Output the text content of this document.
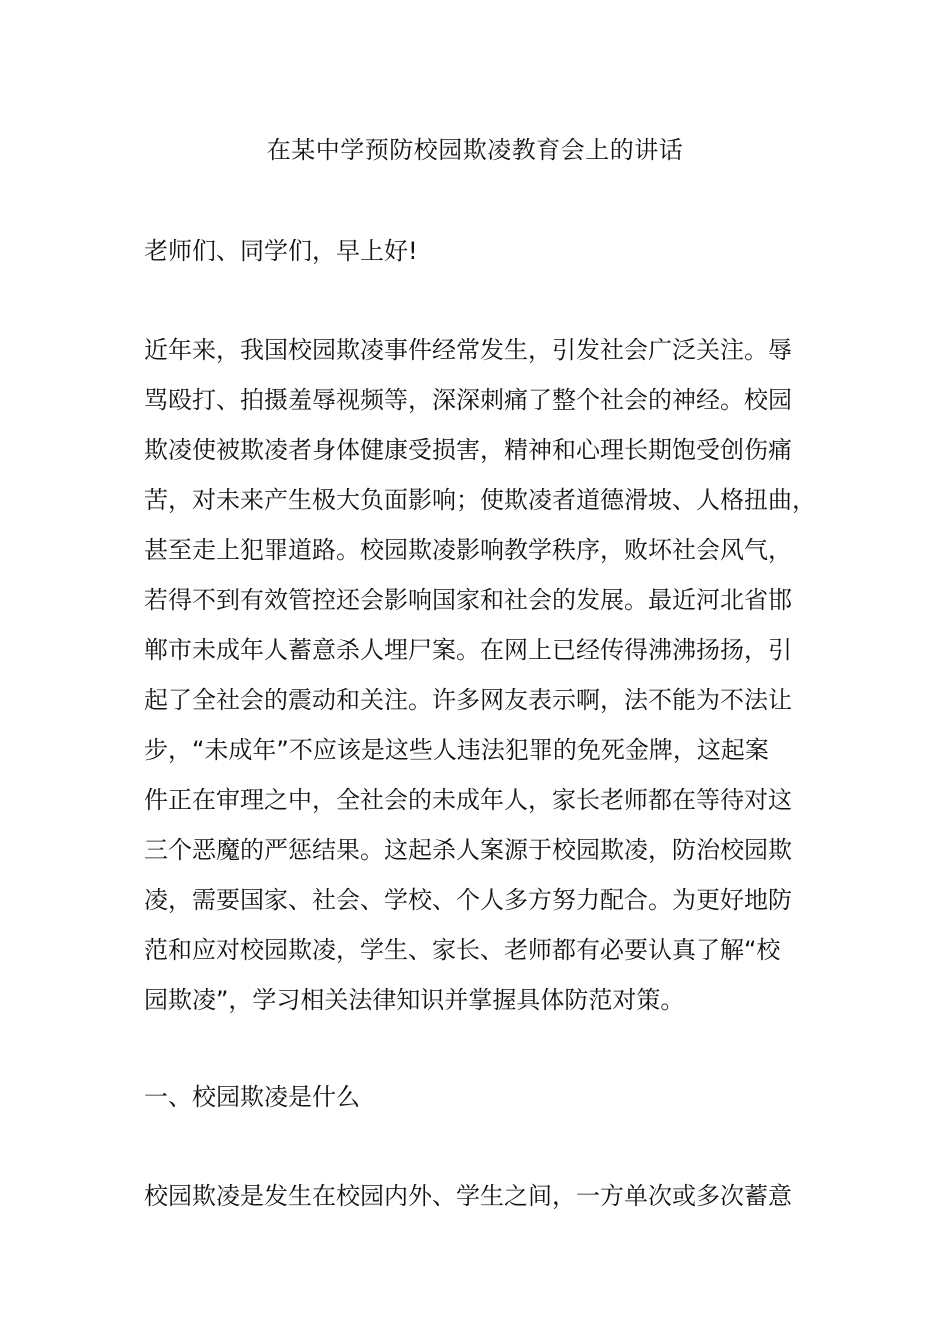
在某中学预防校园欺凌教育会上的讲话
老师们、同学们，早上好!
近年来，我国校园欺凌事件经常发生，引发社会广泛关注。辱
骂殴打、拍摄羞辱视频等，深深刺痛了整个社会的神经。校园
欺凌使被欺凌者身体健康受损害，精神和心理长期饱受创伤痛
苦，对未来产生极大负面影响；使欺凌者道德滑坡、人格扭曲，
甚至走上犯罪道路。校园欺凌影响教学秩序，败坏社会风气，
若得不到有效管控还会影响国家和社会的发展。最近河北省邯
郸市未成年人蓄意杀人埋尸案。在网上已经传得沸沸扬扬，引
起了全社会的震动和关注。许多网友表示啊，法不能为不法让
步，“未成年”不应该是这些人违法犯罪的免死金牌，这起案
件正在审理之中，全社会的未成年人，家长老师都在等待对这
三个恶魔的严惩结果。这起杀人案源于校园欺凌，防治校园欺
凌，需要国家、社会、学校、个人多方努力配合。为更好地防
范和应对校园欺凌，学生、家长、老师都有必要认真了解“校
园欺凌”，学习相关法律知识并掌握具体防范对策。
一、校园欺凌是什么
校园欺凌是发生在校园内外、学生之间，一方单次或多次蓄意
